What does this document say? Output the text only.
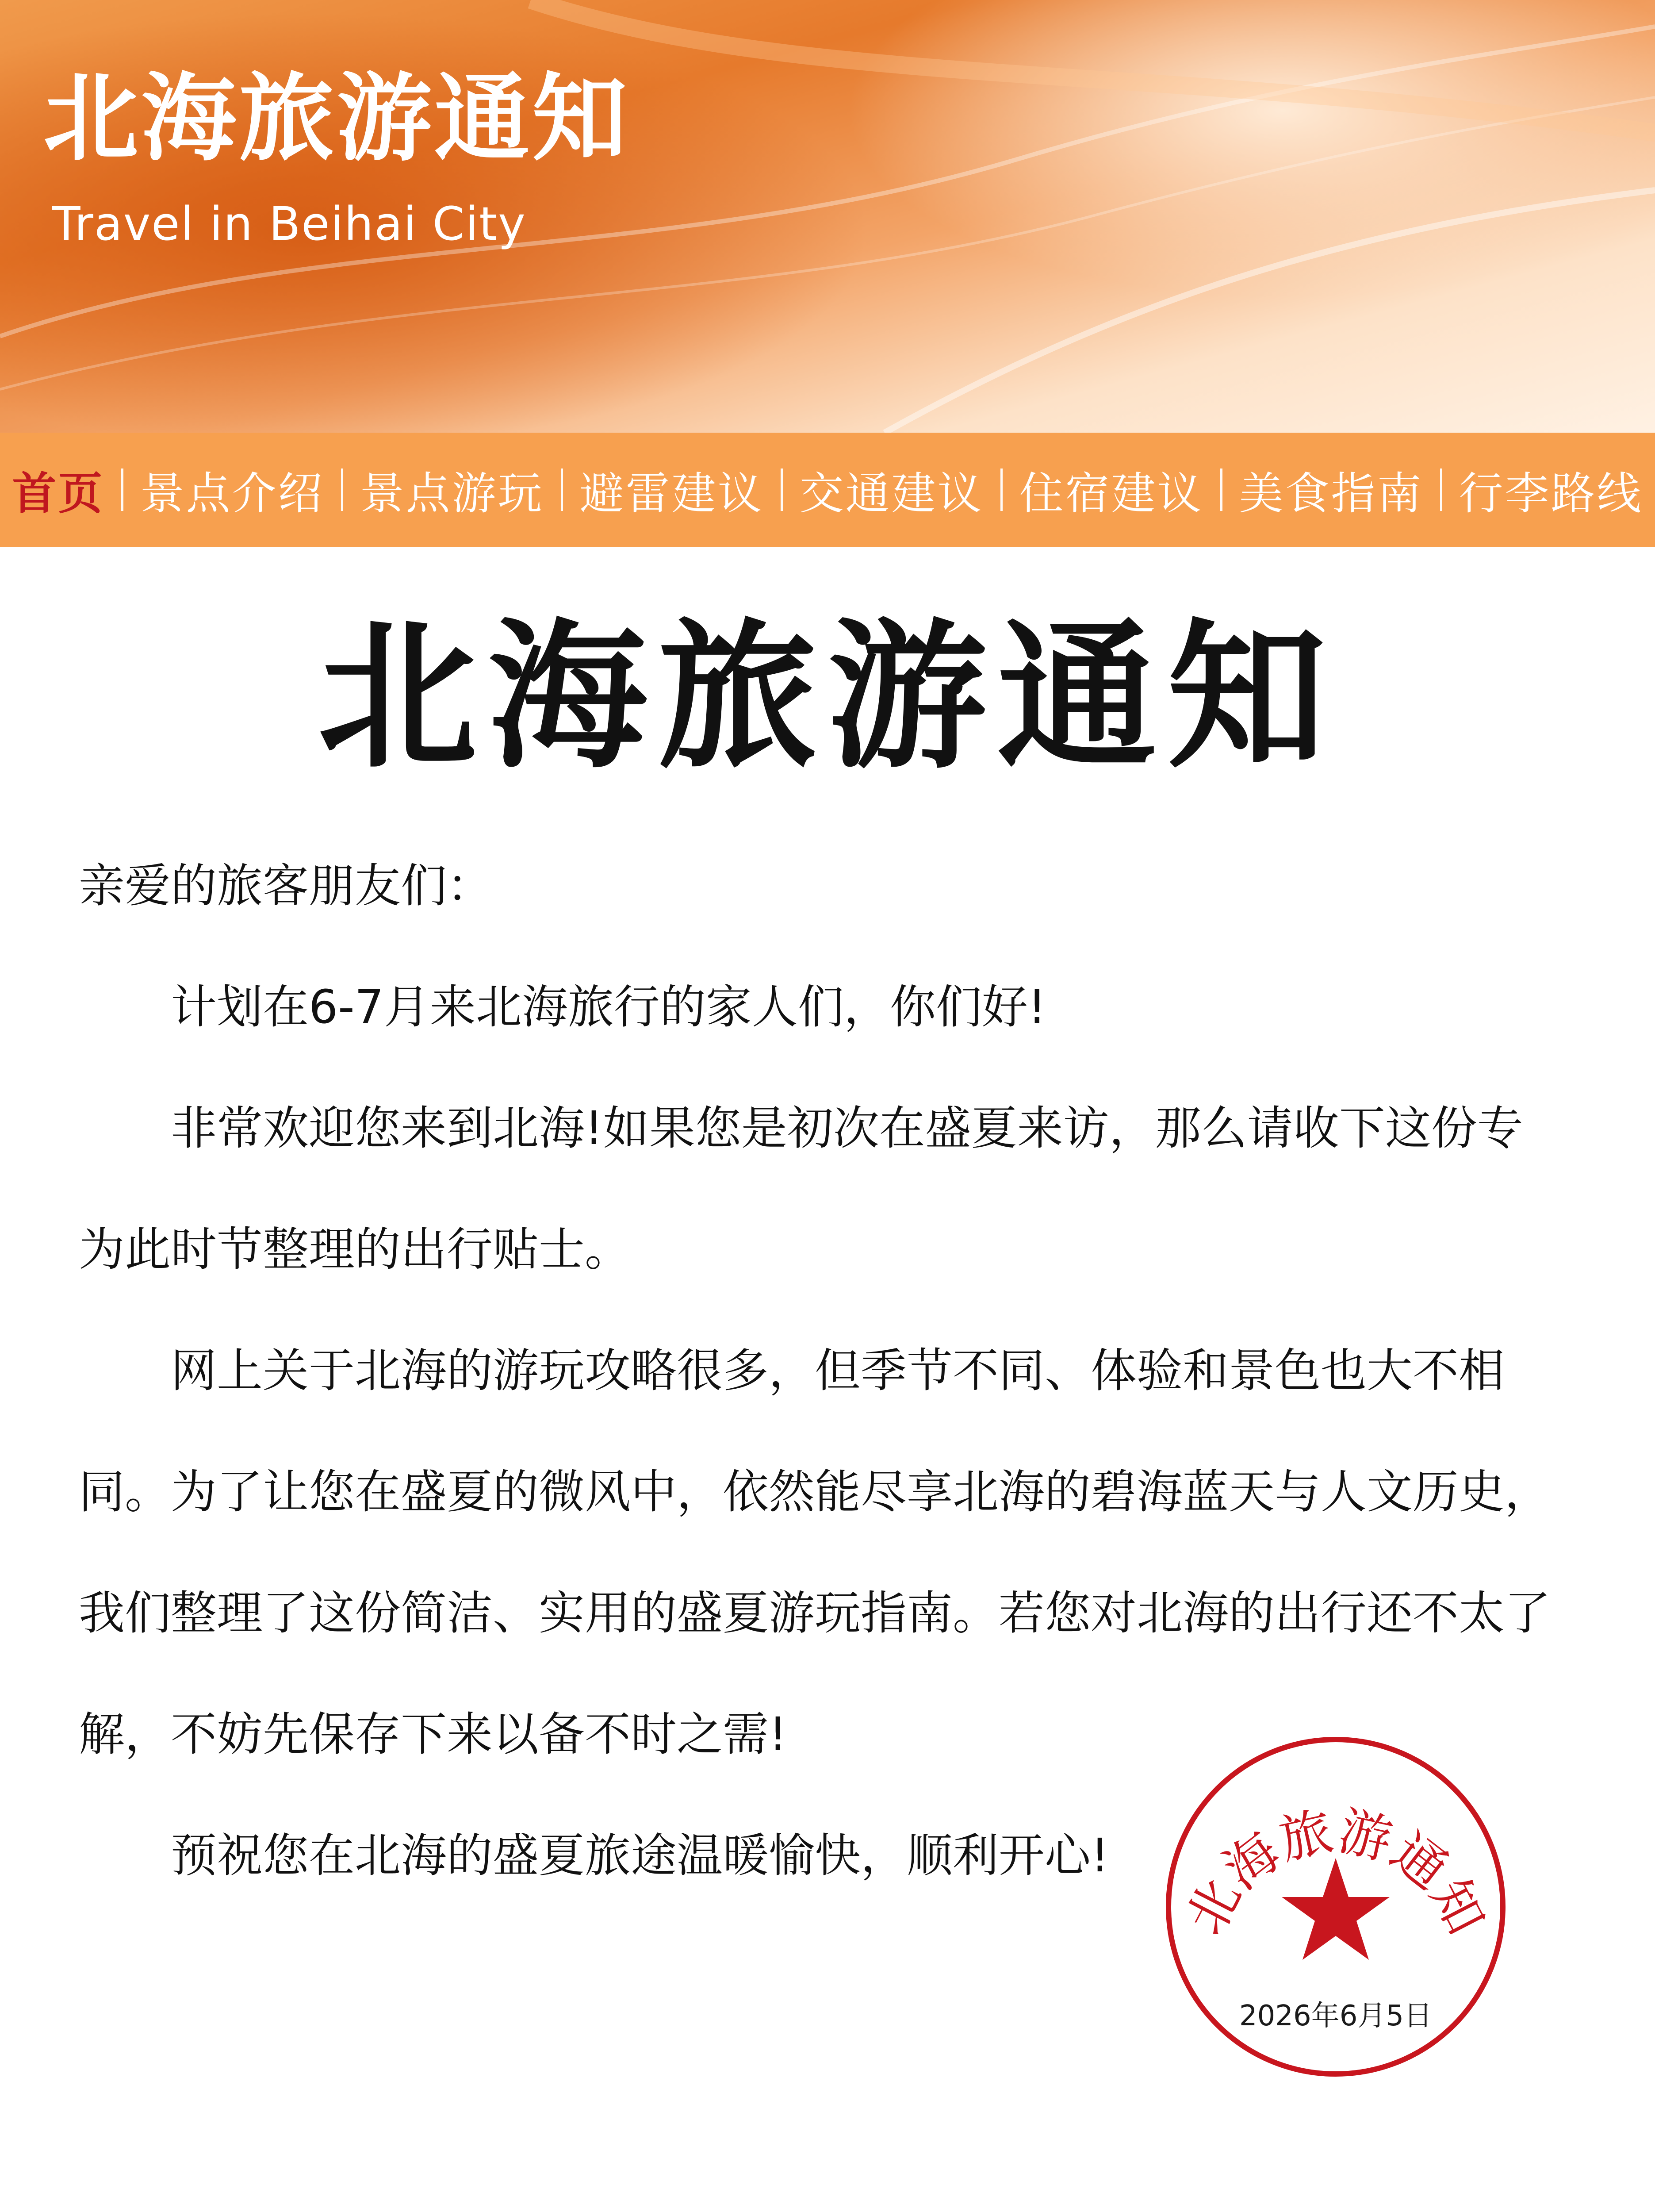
北海旅游通知

Travel in Beihai City

首页 景点介绍 景点游玩 避雷建议 交通建议 住宿建议 美食指南 行李路线
北海旅游通知

亲爱的旅客朋友们：

计划在6-7月来北海旅行的家人们，你们好!

非常欢迎您来到北海!如果您是初次在盛夏来访，那么请收下这份专为此时节整理的出行贴士。

网上关于北海的游玩攻略很多，但季节不同、体验和景色也大不相同。为了让您在盛夏的微风中，依然能尽享北海的碧海蓝天与人文历史，我们整理了这份简洁、实用的盛夏游玩指南。若您对北海的出行还不太了解，不妨先保存下来以备不时之需!

预祝您在北海的盛夏旅途温暖愉快，顺利开心!

北海旅游通知
2026年6月5日
